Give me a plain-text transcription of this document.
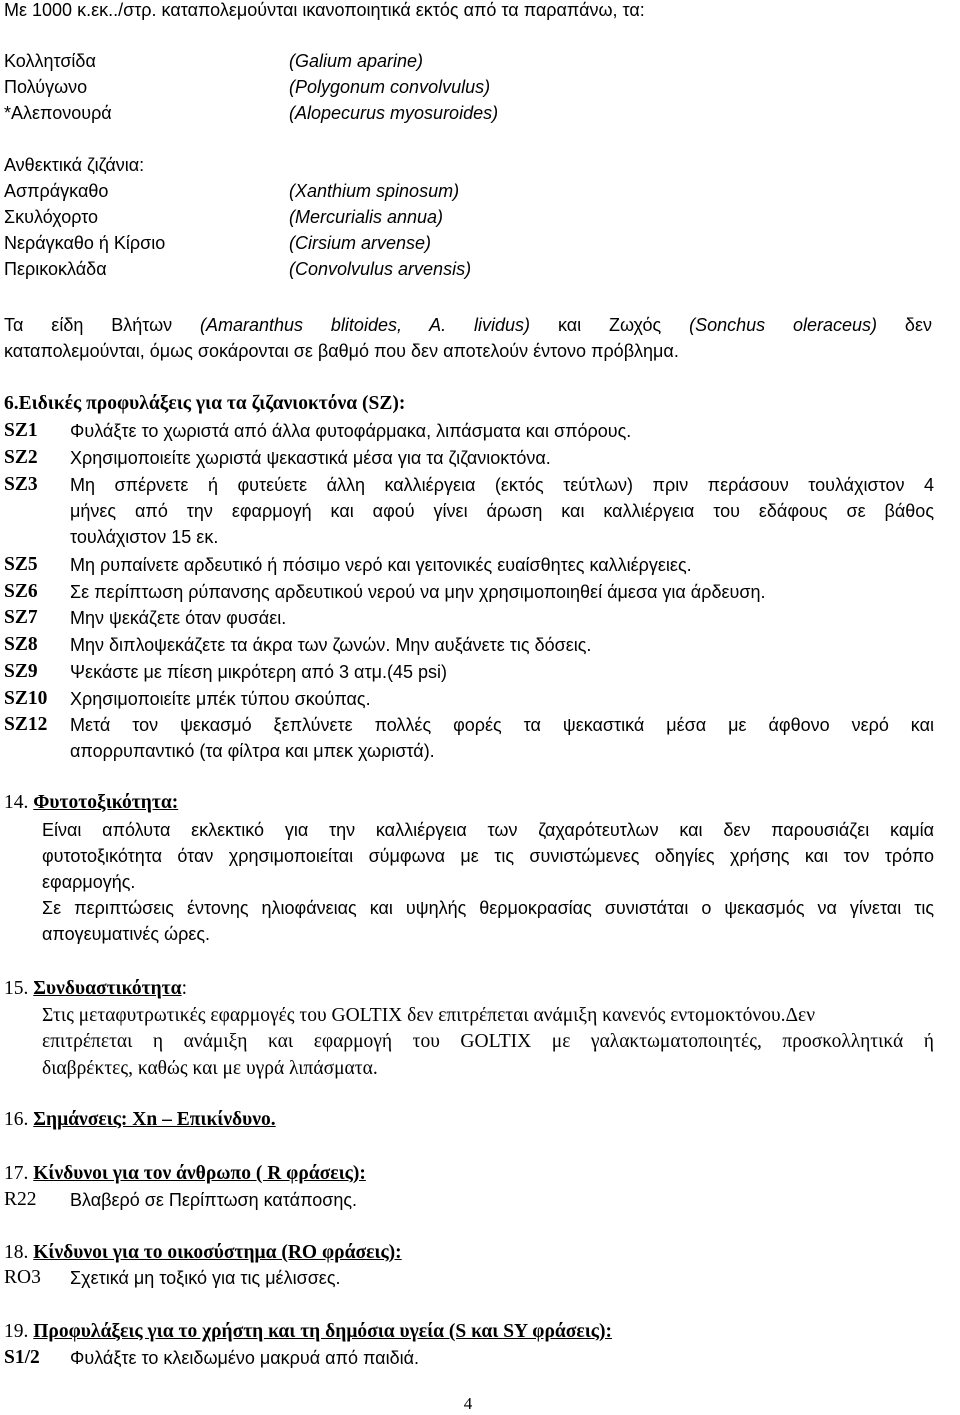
Με 1000 κ.εκ../στρ. καταπολεμούνται ικανοποιητικά εκτός από τα παραπάνω, τα:
Κολλητσίδα	(Galium aparine)
Πολύγωνο	(Polygonum convolvulus)
*Αλεπονουρά	(Alopecurus myosuroides)
Ανθεκτικά ζιζάνια:
Ασπράγκαθο	(Xanthium spinosum)
Σκυλόχορτο	(Mercurialis annua)
Νεράγκαθο ή Κίρσιο	(Cirsium arvense)
Περικοκλάδα	(Convolvulus arvensis)
Τα είδη Βλήτων (Amaranthus blitoides, A. lividus) και Ζωχός (Sonchus oleraceus) δεν
καταπολεμούνται, όμως σοκάρονται σε βαθμό που δεν αποτελούν έντονο πρόβλημα.
6.Ειδικές προφυλάξεις για τα ζιζανιοκτόνα (SZ):
SZ1 Φυλάξτε το χωριστά από άλλα φυτοφάρμακα, λιπάσματα και σπόρους.
SZ2 Χρησιμοποιείτε χωριστά ψεκαστικά μέσα για τα ζιζανιοκτόνα.
SZ3 Μη σπέρνετε ή φυτεύετε άλλη καλλιέργεια (εκτός τεύτλων) πριν περάσουν τουλάχιστον 4
μήνες από την εφαρμογή και αφού γίνει άρωση και καλλιέργεια του εδάφους σε βάθος
τουλάχιστον 15 εκ.
SZ5 Μη ρυπαίνετε αρδευτικό ή πόσιμο νερό και γειτονικές ευαίσθητες καλλιέργειες.
SZ6 Σε περίπτωση ρύπανσης αρδευτικού νερού να μην χρησιμοποιηθεί άμεσα για άρδευση.
SZ7 Μην ψεκάζετε όταν φυσάει.
SZ8 Μην διπλοψεκάζετε τα άκρα των ζωνών. Μην αυξάνετε τις δόσεις.
SZ9 Ψεκάστε με πίεση μικρότερη από 3 ατμ.(45 psi)
SZ10 Χρησιμοποιείτε μπέκ τύπου σκούπας.
SZ12 Μετά τον ψεκασμό ξεπλύνετε πολλές φορές τα ψεκαστικά μέσα με άφθονο νερό και
απορρυπαντικό (τα φίλτρα και μπεκ χωριστά).
14. Φυτοτοξικότητα:
Είναι απόλυτα εκλεκτικό για την καλλιέργεια των ζαχαρότευτλων και δεν παρουσιάζει καμία
φυτοτοξικότητα όταν χρησιμοποιείται σύμφωνα με τις συνιστώμενες οδηγίες χρήσης και τον τρόπο
εφαρμογής.
Σε περιπτώσεις έντονης ηλιοφάνειας και υψηλής θερμοκρασίας συνιστάται ο ψεκασμός να γίνεται τις
απογευματινές ώρες.
15. Συνδυαστικότητα:
Στις μεταφυτρωτικές εφαρμογές του GOLTIX δεν επιτρέπεται ανάμιξη κανενός εντομοκτόνου.Δεν
επιτρέπεται η ανάμιξη και εφαρμογή του GOLTIX με γαλακτωματοποιητές, προσκολλητικά ή
διαβρέκτες, καθώς και με υγρά λιπάσματα.
16. Σημάνσεις: Xn – Επικίνδυνο.
17. Κίνδυνοι για τον άνθρωπο ( R φράσεις):
R22 Βλαβερό σε Περίπτωση κατάποσης.
18. Κίνδυνοι για το οικοσύστημα (RO φράσεις):
RO3 Σχετικά μη τοξικό για τις μέλισσες.
19. Προφυλάξεις για το χρήστη και τη δημόσια υγεία (S και SY φράσεις):
S1/2 Φυλάξτε το κλειδωμένο μακρυά από παιδιά.
4
